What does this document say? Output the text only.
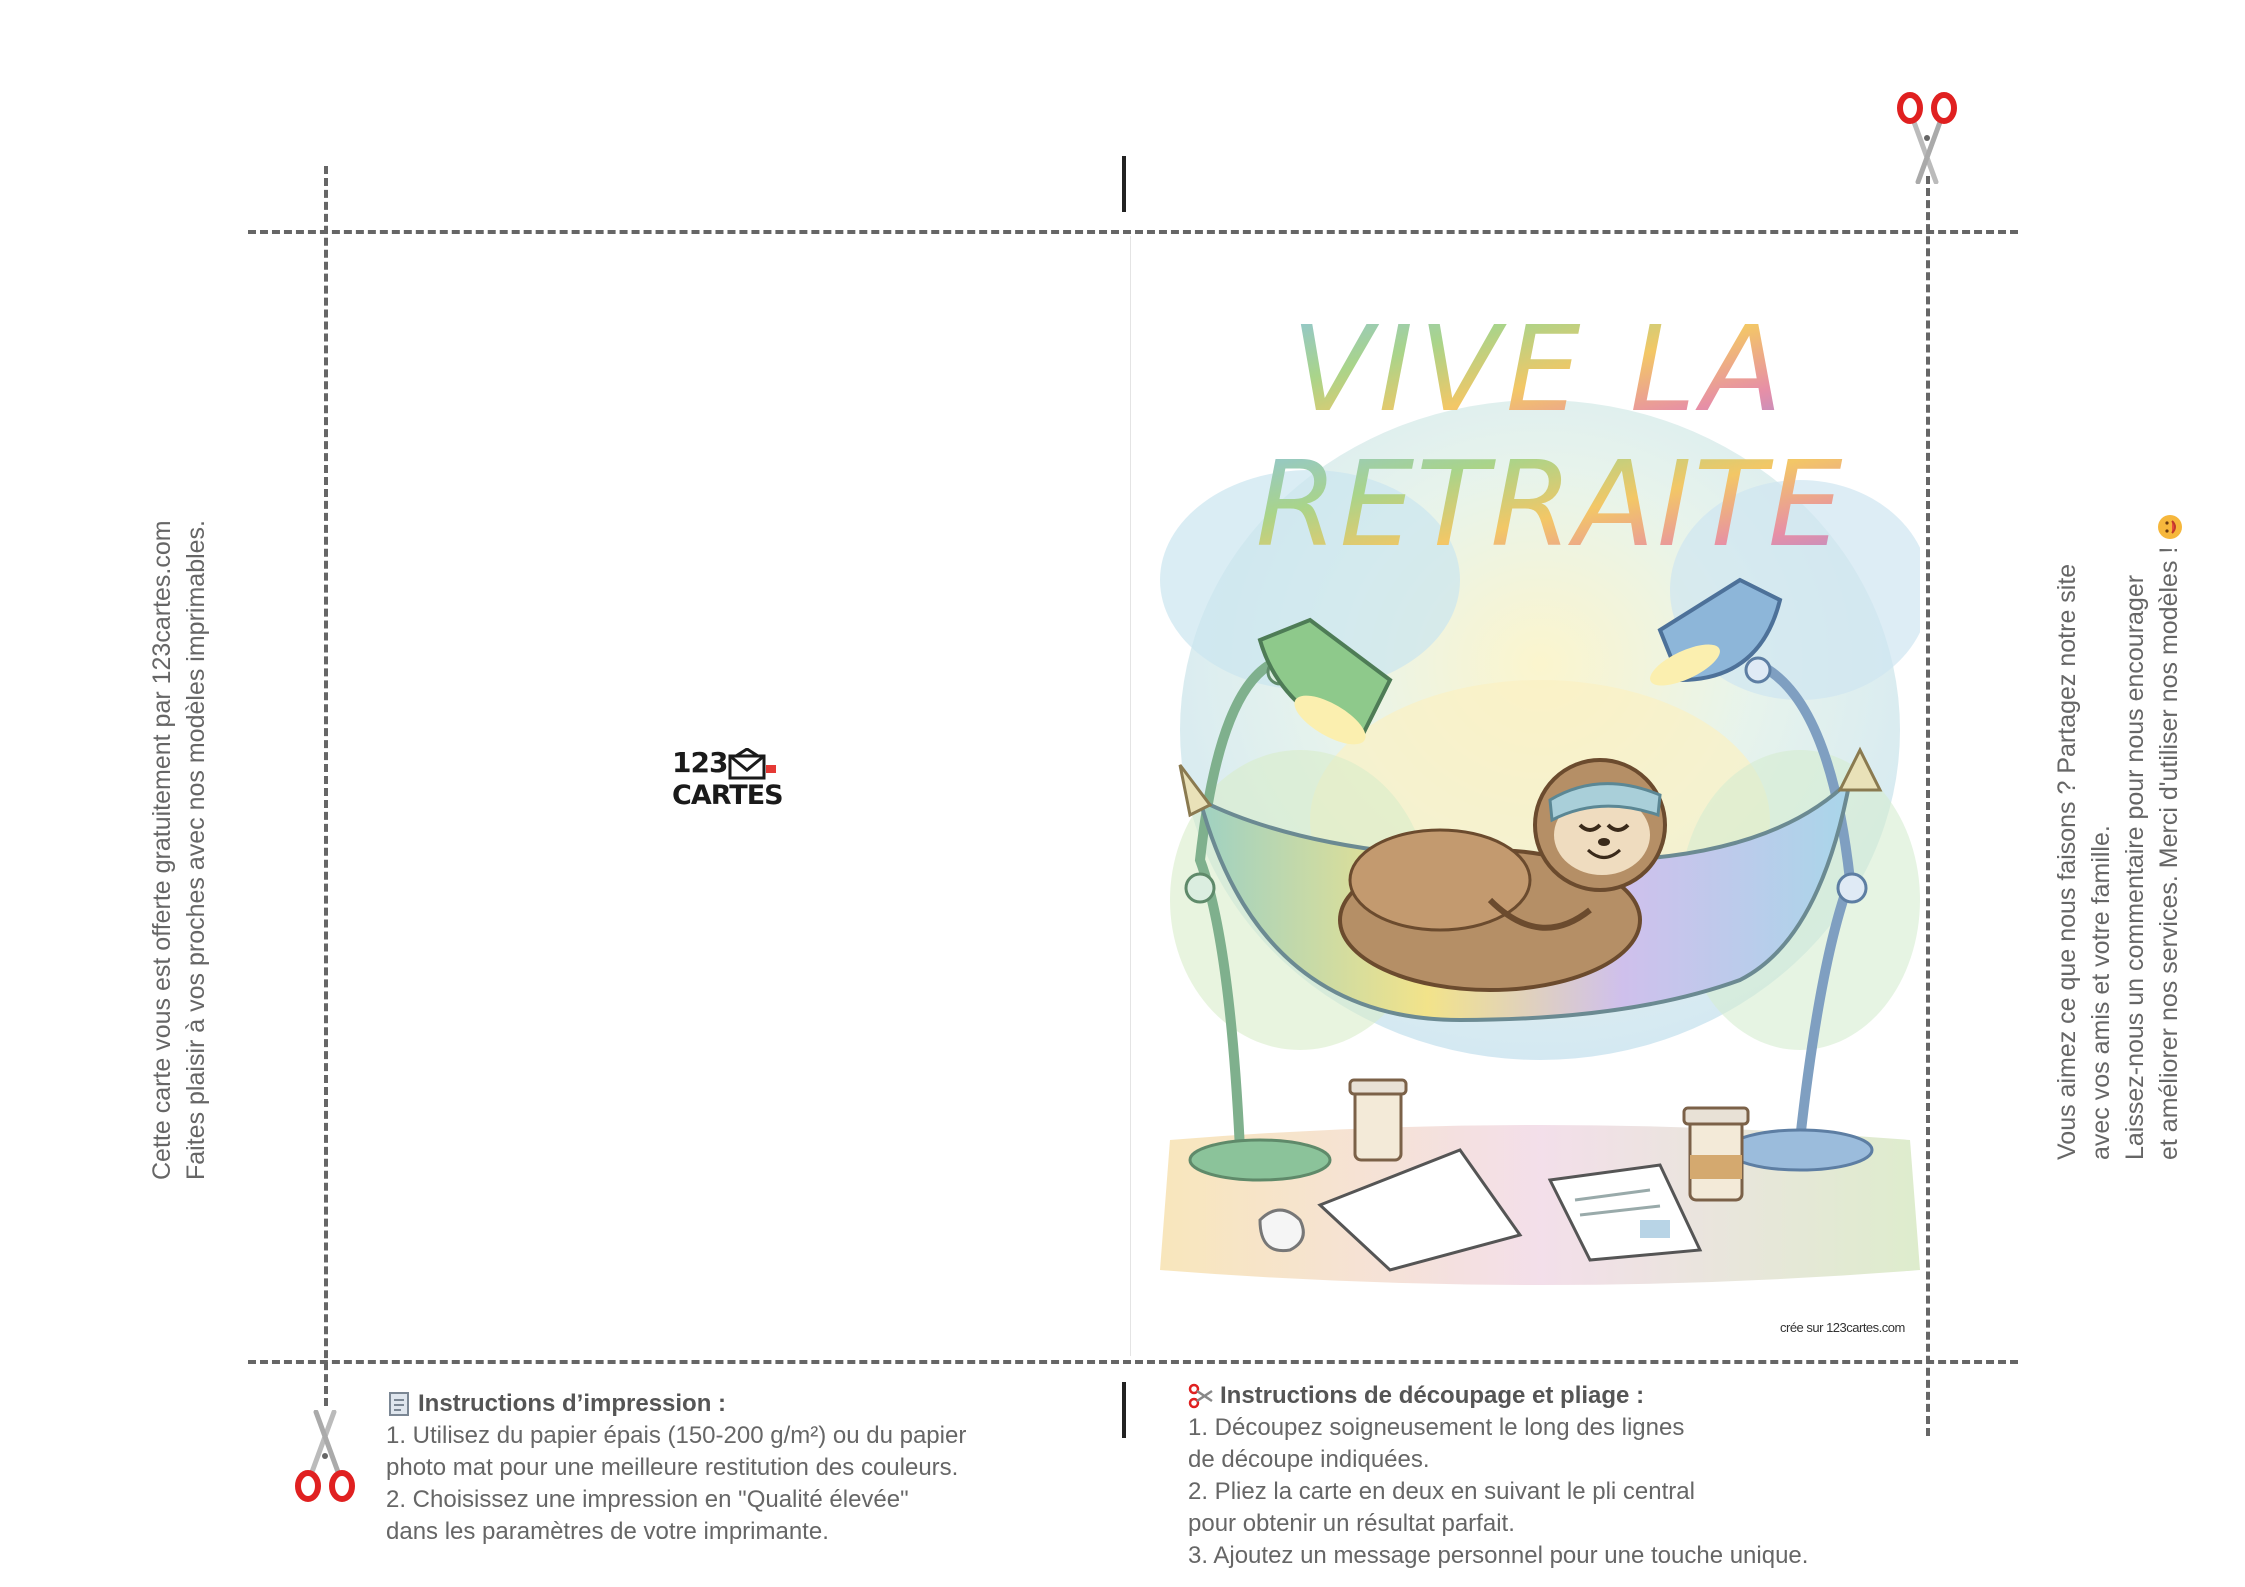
Cette carte vous est offerte gratuitement par 123cartes.com Faites plaisir à vos proches avec nos modèles imprimables.	Vous aimez ce que nous faisons ? Partagez notre site avec vos amis et votre famille. Laissez-nous un commentaire pour nous encourager et améliorer nos services. Merci d'utiliser nos modèles !
123
CARTES
VIVE LA
RETRAITE
crée sur 123cartes.com
Instructions d’impression :
1. Utilisez du papier épais (150-200 g/m²) ou du papier
photo mat pour une meilleure restitution des couleurs.
2. Choisissez une impression en "Qualité élevée"
dans les paramètres de votre imprimante.
Instructions de découpage et pliage :
1. Découpez soigneusement le long des lignes
de découpe indiquées.
2. Pliez la carte en deux en suivant le pli central
pour obtenir un résultat parfait.
3. Ajoutez un message personnel pour une touche unique.
